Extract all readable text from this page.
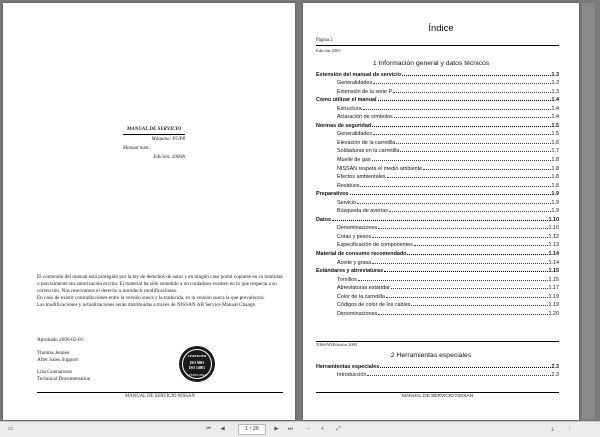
MANUAL DE SERVICIO
Máquina: P5/P8
Manual núm.:
Edición: 2006A
El contenido del manual está protegido por la ley de derechos de autor y en ningún caso podrá copiarse en su totalidad o parcialmente sin autorización escrita. El material ha sido sometido a un cuidadoso examen en lo que respecta a su corrección. Nos reservamos el derecho a introducir modificaciones.
En caso de existir contradicciones entre la versión sueca y la traducida, es la versión sueca la que prevalecerá.
Las modificaciones y actualizaciones serán distribuidas a través de NISSAN AB Service Manual Change.
Aprobado 2006-02-01:
Thomas Jenneu
After Sales Support
Lisa Gunnarsson
Technical Documentation
CERTIFIED
ISO 9001
ISO 14001
LEMBO OFRA
MANUAL DE SERVICIO NISSAN
Índice
Página 2
Edición 2005
1 Información general y datos técnicos
Extensión del manual de servicio	1.3
Generalidades	1.3
Extensión de la serie P	1.3
Cómo utilizar el manual	1.4
Estructura	1.4
Aclaración de símbolos	1.4
Normas de seguridad	1.5
Generalidades	1.5
Elevación de la carretilla	1.6
Soldaduras en la carretilla	1.7
Muelle de gas	1.8
NISSAN respeta el medio ambiente	1.8
Efectos ambientales	1.8
Residuos	1.8
Preparativos	1.9
Servicio	1.9
Búsqueda de averías	1.9
Datos	1.10
Denominaciones	1.10
Cotas y pesos	1.12
Especificación de componentes	1.13
Material de consumo recomendado	1.14
Aceite y grasa	1.14
Estándares y abreviaturas	1.15
Tornillos	1.15
Abreviaturas estándar	1.17
Color de la carretilla	1.19
Códigos de color de los cables	1.19
Denominaciones	1.20
NISSANEdición 2005
2 Herramientas especiales
Herramientas especiales	2.3
Introducción	2.3
MANUAL DE SERVICIO NISSAN
▭	⏮	◀	1 / 26	▶	⏭	−	+	⤢	⤓	⋮
